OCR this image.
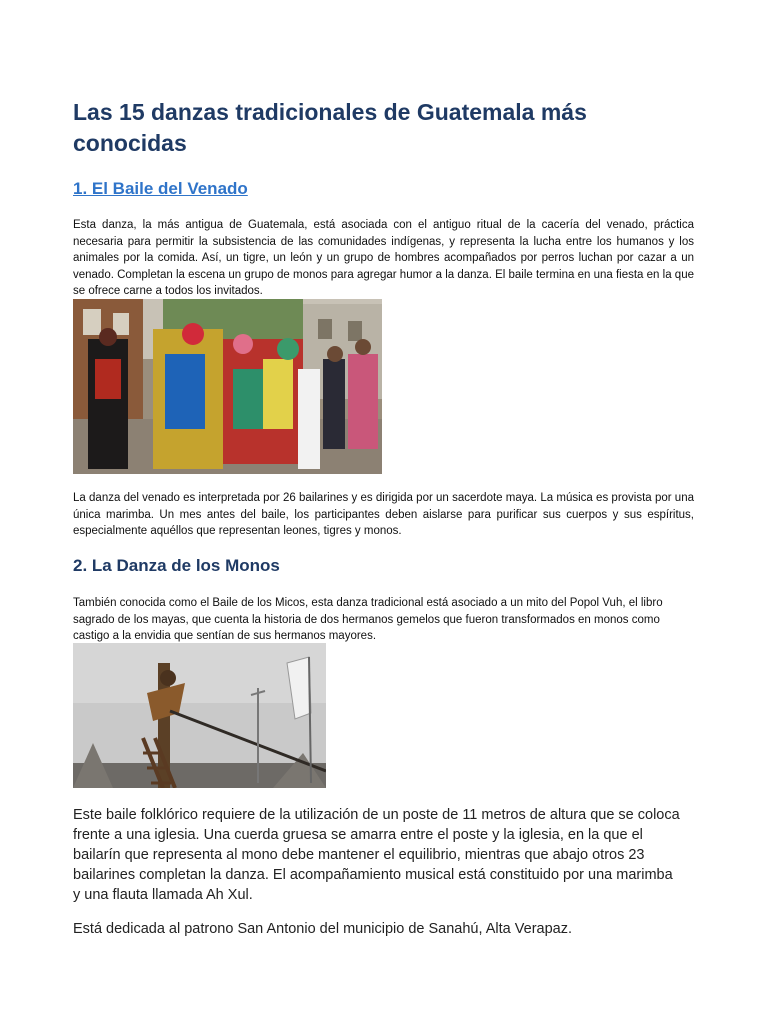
Las 15 danzas tradicionales de Guatemala más conocidas
1. El Baile del Venado

Esta danza, la más antigua de Guatemala, está asociada con el antiguo ritual de la cacería del venado, práctica necesaria para permitir la subsistencia de las comunidades indígenas, y representa la lucha entre los humanos y los animales por la comida. Así, un tigre, un león y un grupo de hombres acompañados por perros luchan por cazar a un venado. Completan la escena un grupo de monos para agregar humor a la danza. El baile termina en una fiesta en la que se ofrece carne a todos los invitados.

La danza del venado es interpretada por 26 bailarines y es dirigida por un sacerdote maya. La música es provista por una única marimba. Un mes antes del baile, los participantes deben aislarse para purificar sus cuerpos y sus espíritus, especialmente aquéllos que representan leones, tigres y monos.

2. La Danza de los Monos

También conocida como el Baile de los Micos, esta danza tradicional está asociado a un mito del Popol Vuh, el libro sagrado de los mayas, que cuenta la historia de dos hermanos gemelos que fueron transformados en monos como castigo a la envidia que sentían de sus hermanos mayores.

Este baile folklórico requiere de la utilización de un poste de 11 metros de altura que se coloca frente a una iglesia. Una cuerda gruesa se amarra entre el poste y la iglesia, en la que el bailarín que representa al mono debe mantener el equilibrio, mientras que abajo otros 23 bailarines completan la danza. El acompañamiento musical está constituido por una marimba y una flauta llamada Ah Xul.

Está dedicada al patrono San Antonio del municipio de Sanahú, Alta Verapaz.
